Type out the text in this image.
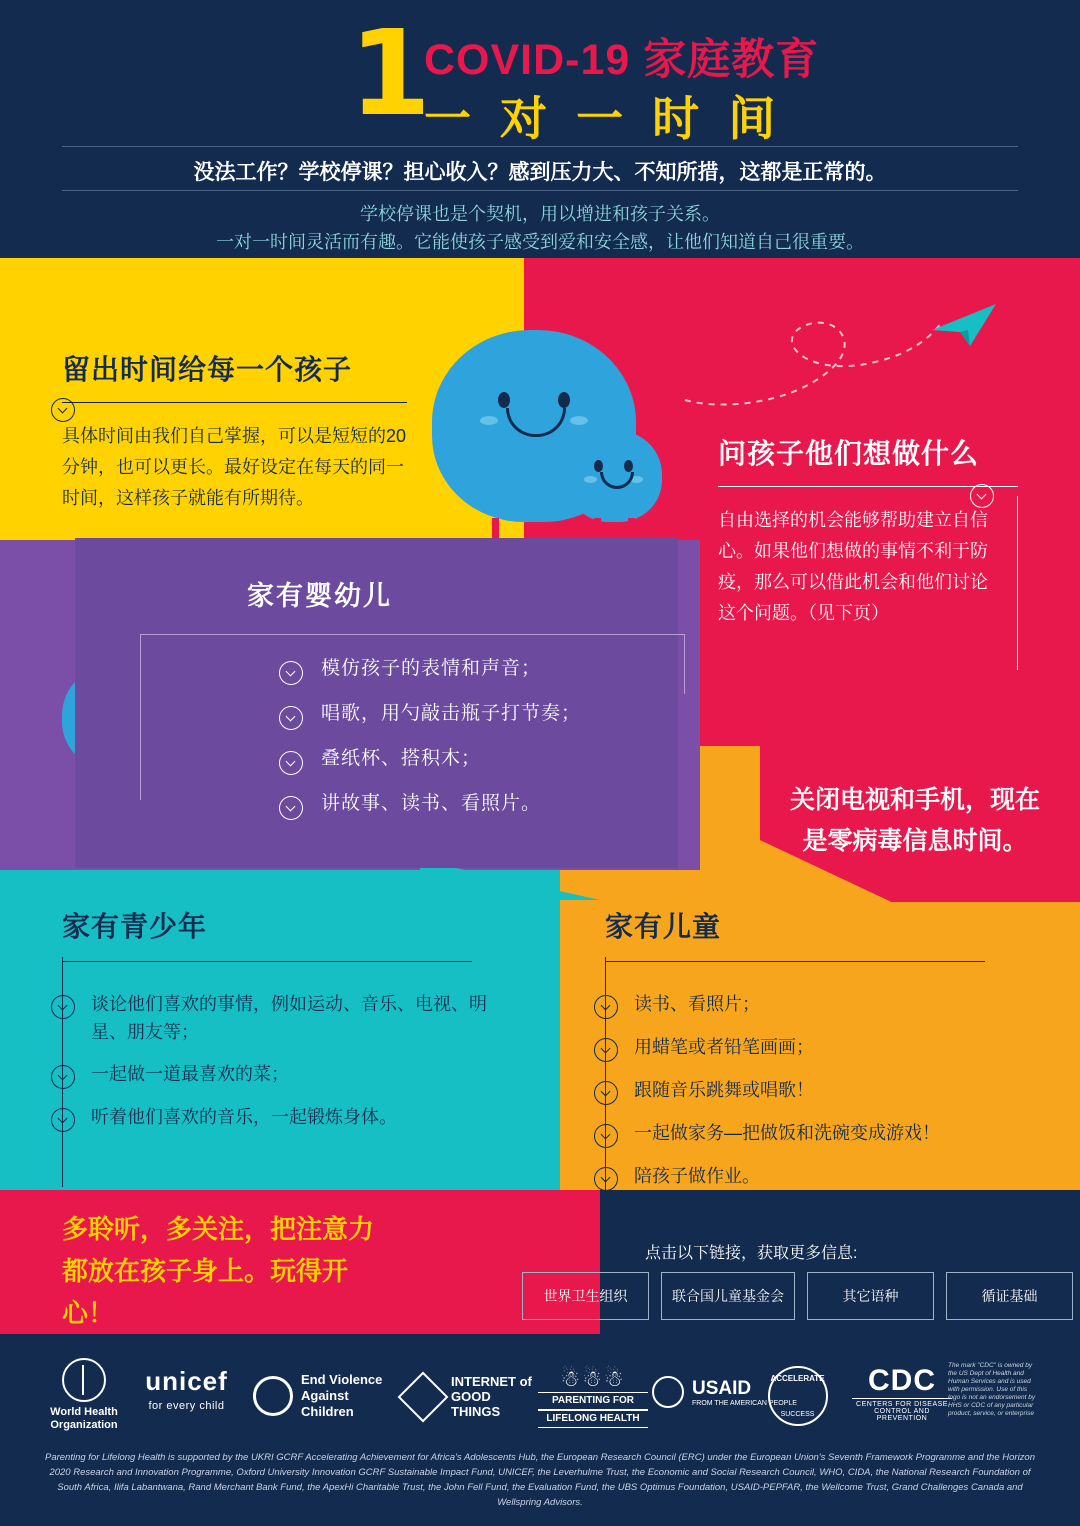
1
COVID-19 家庭教育
一 对 一 时 间
没法工作？学校停课？担心收入？感到压力大、不知所措，这都是正常的。
学校停课也是个契机，用以增进和孩子关系。
一对一时间灵活而有趣。它能使孩子感受到爱和安全感，让他们知道自己很重要。
留出时间给每一个孩子
具体时间由我们自己掌握，可以是短短的20分钟，也可以更长。最好设定在每天的同一时间，这样孩子就能有所期待。
问孩子他们想做什么
自由选择的机会能够帮助建立自信心。如果他们想做的事情不利于防疫，那么可以借此机会和他们讨论这个问题。（见下页）
家有婴幼儿
模仿孩子的表情和声音；
唱歌，用勺敲击瓶子打节奏；
叠纸杯、搭积木；
讲故事、读书、看照片。	关闭电视和手机，现在是零病毒信息时间。
家有青少年
谈论他们喜欢的事情，例如运动、音乐、电视、明星、朋友等；
一起做一道最喜欢的菜；
听着他们喜欢的音乐，一起锻炼身体。
家有儿童
读书、看照片；
用蜡笔或者铅笔画画；
跟随音乐跳舞或唱歌！
一起做家务—把做饭和洗碗变成游戏！
陪孩子做作业。
多聆听，多关注，把注意力都放在孩子身上。玩得开心！
点击以下链接，获取更多信息:
世界卫生组织	联合国儿童基金会	其它语种	循证基础
World Health
Organization
unicef
for every child
End Violence
Against Children
INTERNET of
GOOD THINGS
☃☃☃
PARENTING FOR
LIFELONG HEALTH
USAID
FROM THE AMERICAN PEOPLE
ACCELERATE
SUCCESS
CDC
CENTERS FOR DISEASE CONTROL AND PREVENTION
The mark "CDC" is owned by the US Dept of Health and Human Services and is used with permission. Use of this logo is not an endorsement by HHS or CDC of any particular product, service, or enterprise
Parenting for Lifelong Health is supported by the UKRI GCRF Accelerating Achievement for Africa's Adolescents Hub, the European Research Council (ERC) under the European Union's Seventh Framework Programme and the Horizon 2020 Research and Innovation Programme, Oxford University Innovation GCRF Sustainable Impact Fund, UNICEF, the Leverhulme Trust, the Economic and Social Research Council, WHO, CIDA, the National Research Foundation of South Africa, Ilifa Labantwana, Rand Merchant Bank Fund, the ApexHi Charitable Trust, the John Fell Fund, the Evaluation Fund, the UBS Optimus Foundation, USAID-PEPFAR, the Wellcome Trust, Grand Challenges Canada and Wellspring Advisors.
